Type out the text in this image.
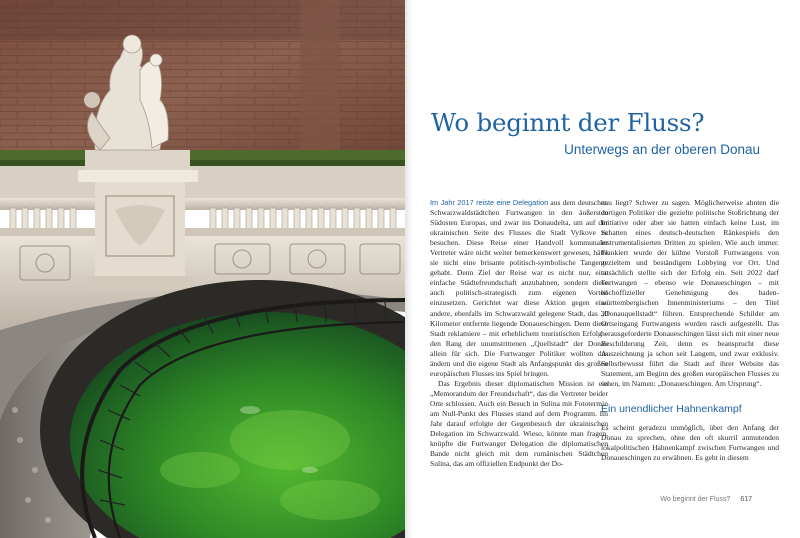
Wo beginnt der Fluss?
Unterwegs an der oberen Donau

Im Jahr 2017 reiste eine Delegation aus dem deutschen Schwarzwaldstädtchen Furtwangen in den äußersten Südosten Europas, und zwar ins Donaudelta, um auf der ukrainischen Seite des Flusses die Stadt Vylkove zu besuchen. Diese Reise einer Handvoll kommunaler Vertreter wäre nicht weiter bemerkenswert gewesen, hätte sie nicht eine brisante politisch-symbolische Tangente gehabt. Denn Ziel der Reise war es nicht nur, eine einfache Städtefreundschaft anzubahnen, sondern diese auch politisch-strategisch zum eigenen Vorteil einzusetzen. Gerichtet war diese Aktion gegen eine andere, ebenfalls im Schwarzwald gelegene Stadt, das 30 Kilometer entfernte liegende Donaueschingen. Denn diese Stadt reklamiere – mit erheblichem touristischen Erfolg – den Rang der unumstrittenen „Quellstadt“ der Donau allein für sich. Die Furtwanger Politiker wollten das ändern und die eigene Stadt als Anfangspunkt des großen europäischen Flusses ins Spiel bringen.

Das Ergebnis dieser diplomatischen Mission ist ein „Memorandum der Freundschaft“, das die Vertreter beider Orte schlossen. Auch ein Besuch in Sulina mit Fototermin am Null-Punkt des Flusses stand auf dem Programm. Im Jahr darauf erfolgte der Gegenbesuch der ukrainischen Delegation im Schwarzwald. Wieso, könnte man fragen, knüpfte die Furtwanger Delegation die diplomatischen Bande nicht gleich mit dem rumänischen Städtchen Sulina, das am offiziellen Endpunkt der Do-

nau liegt? Schwer zu sagen. Möglicherweise ahnten die dortigen Politiker die gezielte politische Stoßrichtung der Initiative oder aber sie hatten einfach keine Lust, im Schatten eines deutsch-deutschen Ränkespiels den instrumentalisierten Dritten zu spielen. Wie auch immer. Flankiert wurde der kühne Vorstoß Furtwangens von gezieltem und beständigem Lobbying vor Ort. Und tatsächlich stellte sich der Erfolg ein. Seit 2022 darf Furtwangen – ebenso wie Donaueschingen – mit hochoffizieller Genehmigung des baden-württembergischen Innenministeriums – den Titel „Donauquellstadt“ führen. Entsprechende Schilder am Ortseingang Furtwangens wurden rasch aufgestellt. Das herausgeforderte Donaueschingen lässt sich mit einer neue Beschilderung Zeit, denn es beansprucht diese Auszeichnung ja schon seit Langem, und zwar exklusiv. Selbstbewusst führt die Stadt auf ihrer Website das Statement, am Beginn des großen europäischen Flusses zu sehen, im Namen: „Donaueschingen. Am Ursprung“.

Ein unendlicher Hahnenkampf

Es scheint geradezu unmöglich, über den Anfang der Donau zu sprechen, ohne den oft skurril anmutenden lokalpolitischen Hahnenkampf zwischen Furtwangen und Donaueschingen zu erwähnen. Es geht in diesem

Wo beginnt der Fluss? 617
